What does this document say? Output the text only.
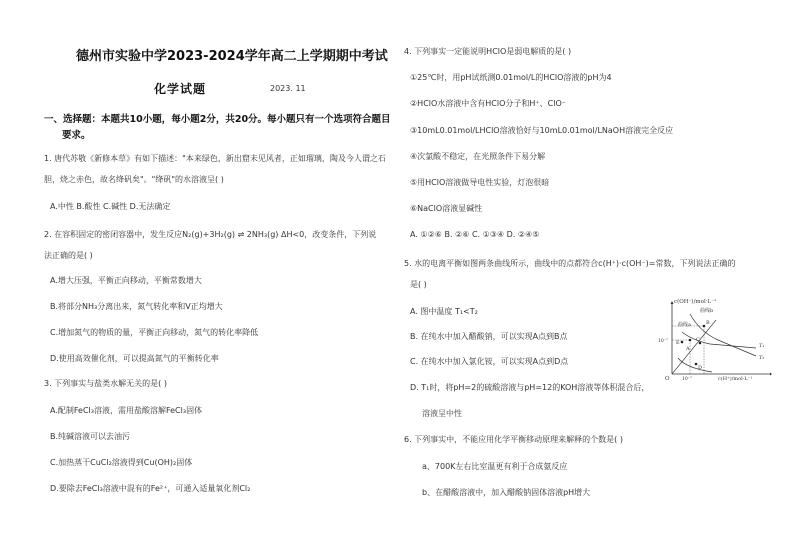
德州市实验中学2023-2024学年高二上学期期中考试
化学试题	2023. 11
一、选择题：本题共10小题，每小题2分，共20分。每小题只有一个选项符合题目
要求。
1. 唐代苏敬《新修本草》有如下描述："本来绿色，新出窟未见风者，正如瑠璃，陶及今人谓之石
胆，烧之赤色，故名绛矾矣"。"绛矾"的水溶液呈( )
A.中性 B.酸性 C.碱性 D.无法确定
2. 在容积固定的密闭容器中，发生反应N₂(g)+3H₂(g) ⇌ 2NH₃(g) ΔH<0，改变条件，下列说
法正确的是( )
A.增大压强，平衡正向移动，平衡常数增大
B.将部分NH₃分离出来，氮气转化率和V正均增大
C.增加氮气的物质的量，平衡正向移动，氮气的转化率降低
D.使用高效催化剂，可以提高氮气的平衡转化率
3. 下列事实与盐类水解无关的是( )
A.配制FeCl₃溶液，需用盐酸溶解FeCl₃固体
B.纯碱溶液可以去油污
C.加热蒸干CuCl₂溶液得到Cu(OH)₂固体
D.要除去FeCl₃溶液中混有的Fe²⁺，可通入适量氧化剂Cl₂
4. 下列事实一定能说明HClO是弱电解质的是( )
①25℃时，用pH试纸测0.01mol/L的HClO溶液的pH为4
②HClO水溶液中含有HClO分子和H⁺、ClO⁻
③10mL0.01mol/LHClO溶液恰好与10mL0.01mol/LNaOH溶液完全反应
④次氯酸不稳定，在光照条件下易分解
⑤用HClO溶液做导电性实验，灯泡很暗
⑥NaClO溶液显碱性
A. ①②⑥ B. ②⑥ C. ①③④ D. ②④⑤
5. 水的电离平衡如图两条曲线所示，曲线中的点都符合c(H⁺)·c(OH⁻)=常数，下列说法正确的
是( )
A. 图中温度 T₁<T₂
B. 在纯水中加入醋酸钠，可以实现A点到B点
C. 在纯水中加入氯化铵，可以实现A点到D点
D. T₁时，将pH=2的硫酸溶液与pH=12的KOH溶液等体积混合后，
溶液呈中性
6. 下列事实中，不能应用化学平衡移动原理来解释的个数是( )
a、700K左右比室温更有利于合成氨反应
b、在醋酸溶液中，加入醋酸钠固体溶液pH增大
c(OH⁻)/mol·L⁻¹
c(H⁺)/mol·L⁻¹
O
10⁻⁷
10⁻⁷
曲线a
曲线b
T₁
T₂
A
B
C
D
E
